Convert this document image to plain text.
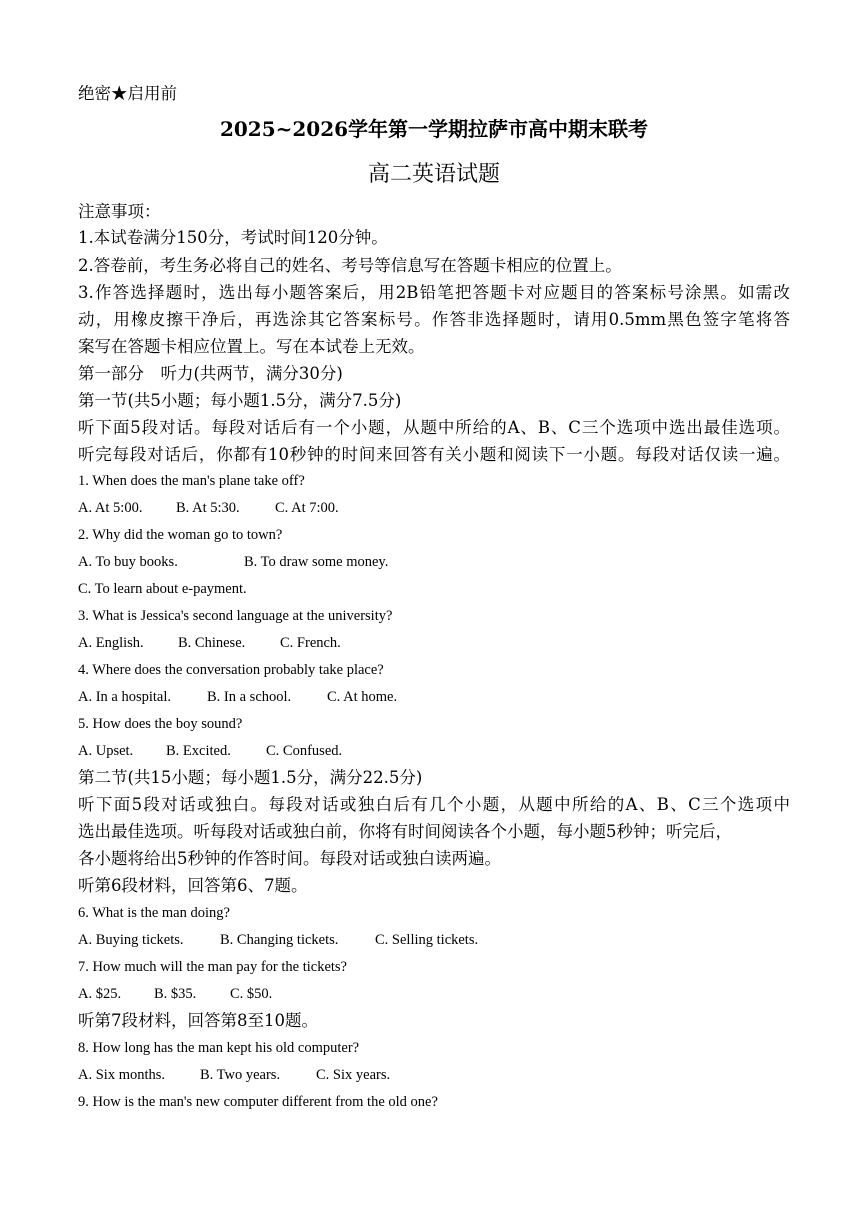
绝密★启用前
2025~2026学年第一学期拉萨市高中期末联考
高二英语试题
注意事项：
1.本试卷满分150分，考试时间120分钟。
2.答卷前，考生务必将自己的姓名、考号等信息写在答题卡相应的位置上。
3.作答选择题时，选出每小题答案后，用2B铅笔把答题卡对应题目的答案标号涂黑。如需改
动，用橡皮擦干净后，再选涂其它答案标号。作答非选择题时，请用0.5mm黑色签字笔将答
案写在答题卡相应位置上。写在本试卷上无效。
第一部分　听力(共两节，满分30分)
第一节(共5小题；每小题1.5分，满分7.5分)
听下面5段对话。每段对话后有一个小题，从题中所给的A、B、C三个选项中选出最佳选项。
听完每段对话后，你都有10秒钟的时间来回答有关小题和阅读下一小题。每段对话仅读一遍。
1. When does the man's plane take off?
A. At 5:00. B. At 5:30. C. At 7:00.
2. Why did the woman go to town?
A. To buy books.	B. To draw some money.
C. To learn about e-payment.
3. What is Jessica's second language at the university?
A. English. B. Chinese. C. French.
4. Where does the conversation probably take place?
A. In a hospital. B. In a school. C. At home.
5. How does the boy sound?
A. Upset. B. Excited. C. Confused.
第二节(共15小题；每小题1.5分，满分22.5分)
听下面5段对话或独白。每段对话或独白后有几个小题，从题中所给的A、B、C三个选项中
选出最佳选项。听每段对话或独白前，你将有时间阅读各个小题，每小题5秒钟；听完后，
各小题将给出5秒钟的作答时间。每段对话或独白读两遍。
听第6段材料，回答第6、7题。
6. What is the man doing?
A. Buying tickets.	B. Changing tickets.	C. Selling tickets.
7. How much will the man pay for the tickets?
A. $25. B. $35. C. $50.
听第7段材料，回答第8至10题。
8. How long has the man kept his old computer?
A. Six months. B. Two years. C. Six years.
9. How is the man's new computer different from the old one?
